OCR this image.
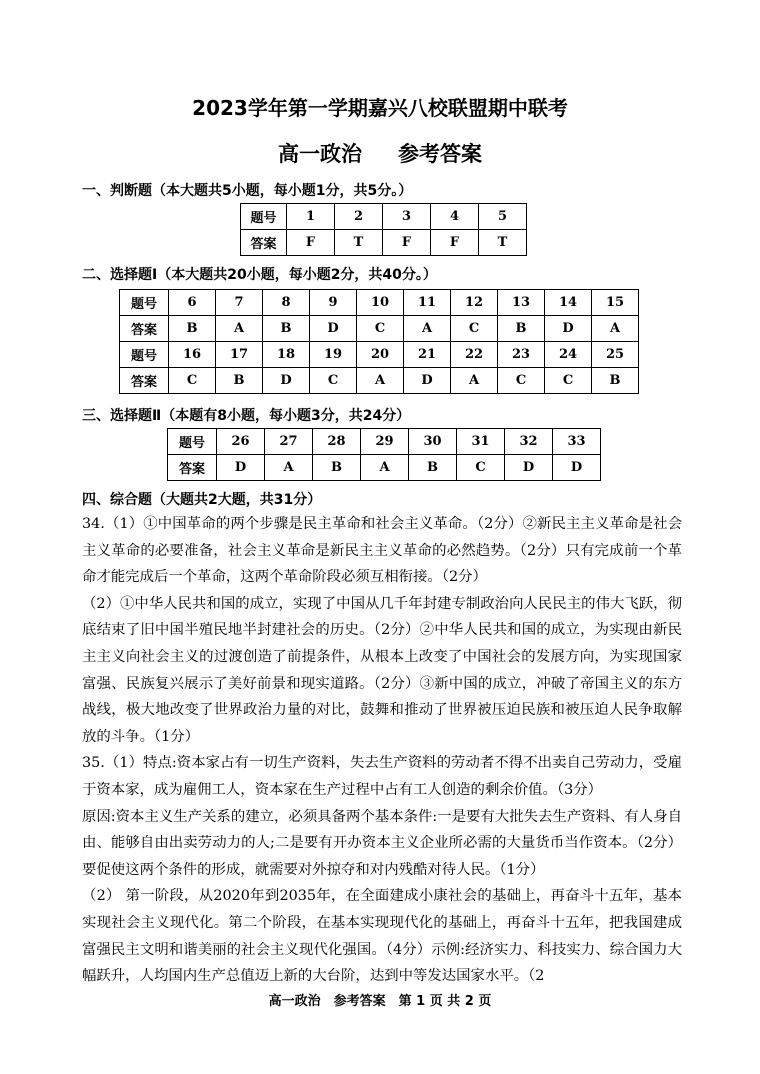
2023学年第一学期嘉兴八校联盟期中联考
高一政治 参考答案
一、判断题（本大题共5小题，每小题1分，共5分。）
题号	1	2	3	4	5
答案	F	T	F	F	T
二、选择题Ⅰ（本大题共20小题，每小题2分，共40分。）
题号	6	7	8	9	10	11	12	13	14	15
答案	B	A	B	D	C	A	C	B	D	A
题号	16	17	18	19	20	21	22	23	24	25
答案	C	B	D	C	A	D	A	C	C	B
三、选择题Ⅱ（本题有8小题，每小题3分，共24分）
题号	26	27	28	29	30	31	32	33
答案	D	A	B	A	B	C	D	D
四、综合题（大题共2大题，共31分）

34.（1）①中国革命的两个步骤是民主革命和社会主义革命。（2分）②新民主主义革命是社会主义革命的必要准备，社会主义革命是新民主主义革命的必然趋势。（2分）只有完成前一个革命才能完成后一个革命，这两个革命阶段必须互相衔接。（2分）

（2）①中华人民共和国的成立，实现了中国从几千年封建专制政治向人民民主的伟大飞跃，彻底结束了旧中国半殖民地半封建社会的历史。（2分）②中华人民共和国的成立，为实现由新民主主义向社会主义的过渡创造了前提条件，从根本上改变了中国社会的发展方向，为实现国家富强、民族复兴展示了美好前景和现实道路。（2分）③新中国的成立，冲破了帝国主义的东方战线，极大地改变了世界政治力量的对比，鼓舞和推动了世界被压迫民族和被压迫人民争取解放的斗争。（1分）

35.（1）特点:资本家占有一切生产资料，失去生产资料的劳动者不得不出卖自己劳动力，受雇于资本家，成为雇佣工人，资本家在生产过程中占有工人创造的剩余价值。（3分）

原因:资本主义生产关系的建立，必须具备两个基本条件:一是要有大批失去生产资料、有人身自由、能够自由出卖劳动力的人;二是要有开办资本主义企业所必需的大量货币当作资本。（2分）要促使这两个条件的形成，就需要对外掠夺和对内残酷对待人民。（1分）

（2） 第一阶段，从2020年到2035年，在全面建成小康社会的基础上，再奋斗十五年，基本实现社会主义现代化。第二个阶段，在基本实现现代化的基础上，再奋斗十五年，把我国建成富强民主文明和谐美丽的社会主义现代化强国。（4分）示例:经济实力、科技实力、综合国力大幅跃升，人均国内生产总值迈上新的大台阶，达到中等发达国家水平。（2

高一政治　参考答案　第 1 页 共 2 页
